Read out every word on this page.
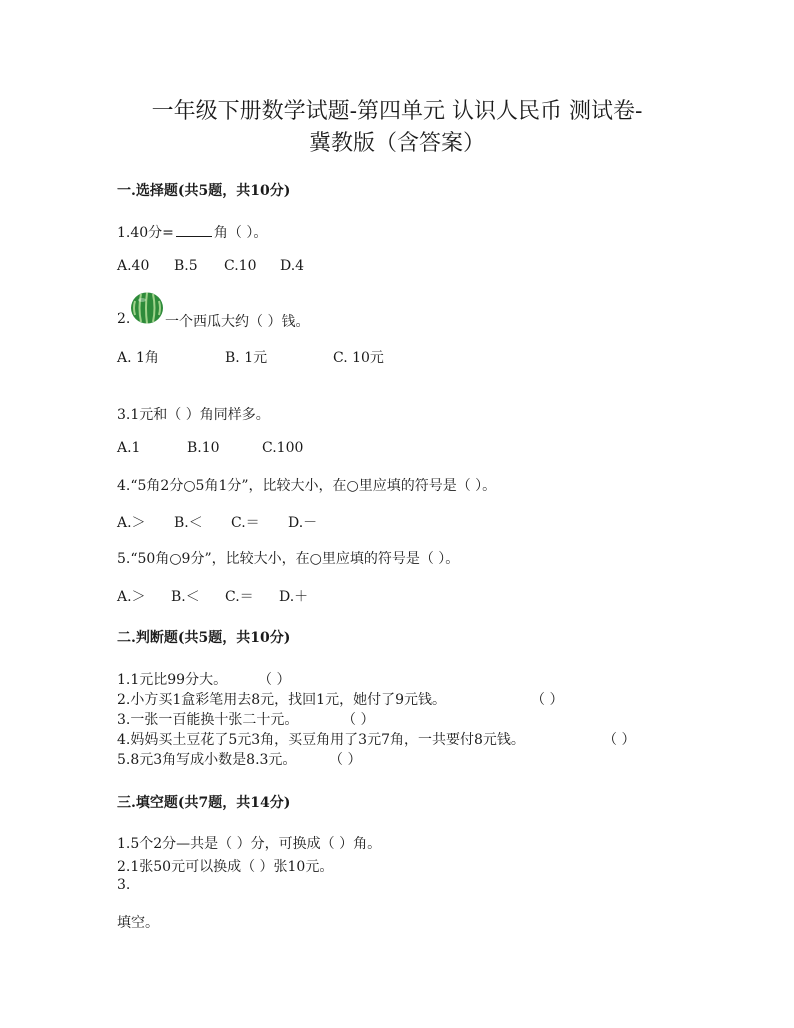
一年级下册数学试题-第四单元 认识人民币 测试卷-
冀教版（含答案）
一.选择题(共5题，共10分)
1.40分=	角（ ）。
A.40 B.5 C.10 D.4
2. 一个西瓜大约（ ）钱。
A. 1角	B. 1元	C. 10元
3.1元和（ ）角同样多。
A.1	B.10	C.100
4.“5角2分○5角1分”，比较大小，在○里应填的符号是（ ）。
A.＞ B.＜ C.＝ D.－
5.“50角○9分”，比较大小，在○里应填的符号是（ ）。
A.＞ B.＜ C.＝ D.＋
二.判断题(共5题，共10分)
1.1元比99分大。 （ ）
2.小方买1盒彩笔用去8元，找回1元，她付了9元钱。	（ ）
3.一张一百能换十张二十元。	（ ）
4.妈妈买土豆花了5元3角，买豆角用了3元7角，一共要付8元钱。	（ ）
5.8元3角写成小数是8.3元。 （ ）
三.填空题(共7题，共14分)
1.5个2分—共是（ ）分，可换成（ ）角。
2.1张50元可以换成（ ）张10元。
3.
填空。
